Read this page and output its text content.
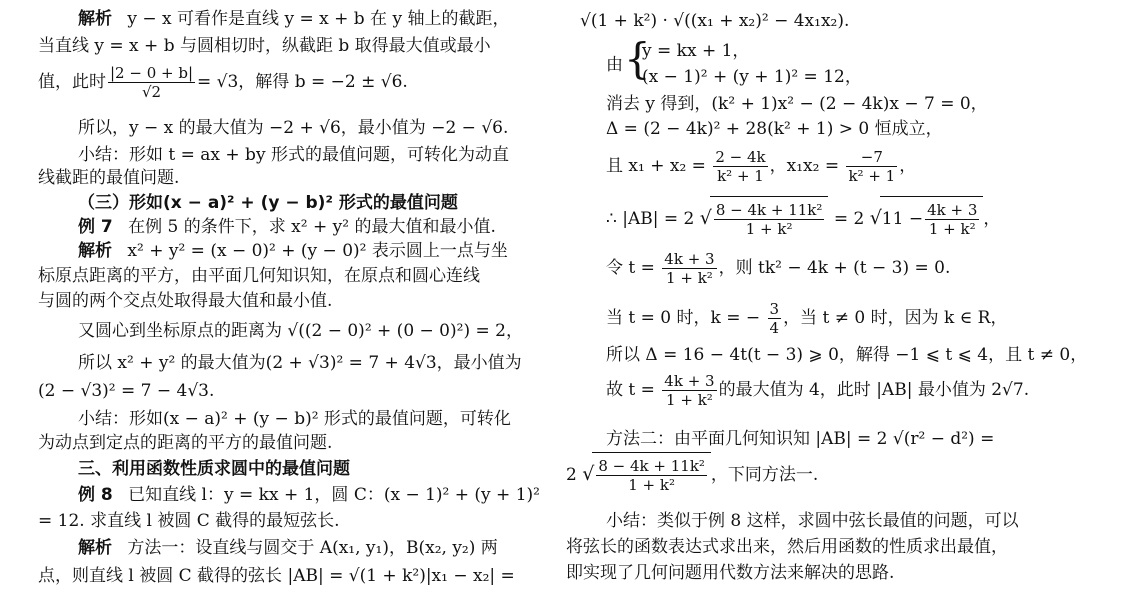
解析 y − x 可看作是直线 y = x + b 在 y 轴上的截距，
当直线 y = x + b 与圆相切时，纵截距 b 取得最大值或最小
值，此时 $\frac{|2 - 0 + b|}{√2} = √3$，解得 b = −2 ± √6.
所以，y − x 的最大值为 −2 + √6，最小值为 −2 − √6.
小结：形如 t = ax + by 形式的最值问题，可转化为动直
线截距的最值问题.
（三）形如(x − a)² + (y − b)² 形式的最值问题
例 7 在例 5 的条件下，求 x² + y² 的最大值和最小值.
解析 x² + y² = (x − 0)² + (y − 0)² 表示圆上一点与坐
标原点距离的平方，由平面几何知识知，在原点和圆心连线
与圆的两个交点处取得最大值和最小值.
又圆心到坐标原点的距离为 √((2 − 0)² + (0 − 0)²) = 2，
所以 x² + y² 的最大值为(2 + √3)² = 7 + 4√3，最小值为
(2 − √3)² = 7 − 4√3.
小结：形如(x − a)² + (y − b)² 形式的最值问题，可转化
为动点到定点的距离的平方的最值问题.
三、利用函数性质求圆中的最值问题
例 8 已知直线 l：y = kx + 1，圆 C：(x − 1)² + (y + 1)²
= 12. 求直线 l 被圆 C 截得的最短弦长.
解析 方法一：设直线与圆交于 A(x₁, y₁)，B(x₂, y₂) 两
点，则直线 l 被圆 C 截得的弦长 |AB| = √(1 + k²)|x₁ − x₂| =
√(1 + k²) · √((x₁ + x₂)² − 4x₁x₂).
由 {
y = kx + 1，
(x − 1)² + (y + 1)² = 12，
消去 y 得到，(k² + 1)x² − (2 − 4k)x − 7 = 0，
Δ = (2 − 4k)² + 28(k² + 1) > 0 恒成立，
且 $x_1 + x_2 = \frac{2 - 4k}{\text{k² + 1}}$ ，$x_1x_2 = \frac{-7}{\text{k² + 1}}$ ，
∴ |AB| = 2 √ $\frac{\text{8 − 4k + 11k²}}{\text{1 + k²}} = 2$ $√11 - \frac{4k + 3}{\text{1 + k²}}$ ，
令 $t = \frac{4k + 3}{\text{1 + k²}}$ ，则 tk² − 4k + (t − 3) = 0.
当 t = 0 时，k = − $\frac{3}{4}$ ，当 t ≠ 0 时，因为 k ∈ R，
所以 Δ = 16 − 4t(t − 3) ⩾ 0，解得 −1 ⩽ t ⩽ 4，且 t ≠ 0，
故 $t = \frac{4k + 3}{\text{1 + k²}}$ 的最大值为 4，此时 |AB| 最小值为 2√7.
方法二：由平面几何知识知 |AB| = 2 √(r² − d²) =
2 √ $\frac{\text{8 − 4k + 11k²}}{\text{1 + k²}}$ ，下同方法一.
小结：类似于例 8 这样，求圆中弦长最值的问题，可以
将弦长的函数表达式求出来，然后用函数的性质求出最值，
即实现了几何问题用代数方法来解决的思路.
